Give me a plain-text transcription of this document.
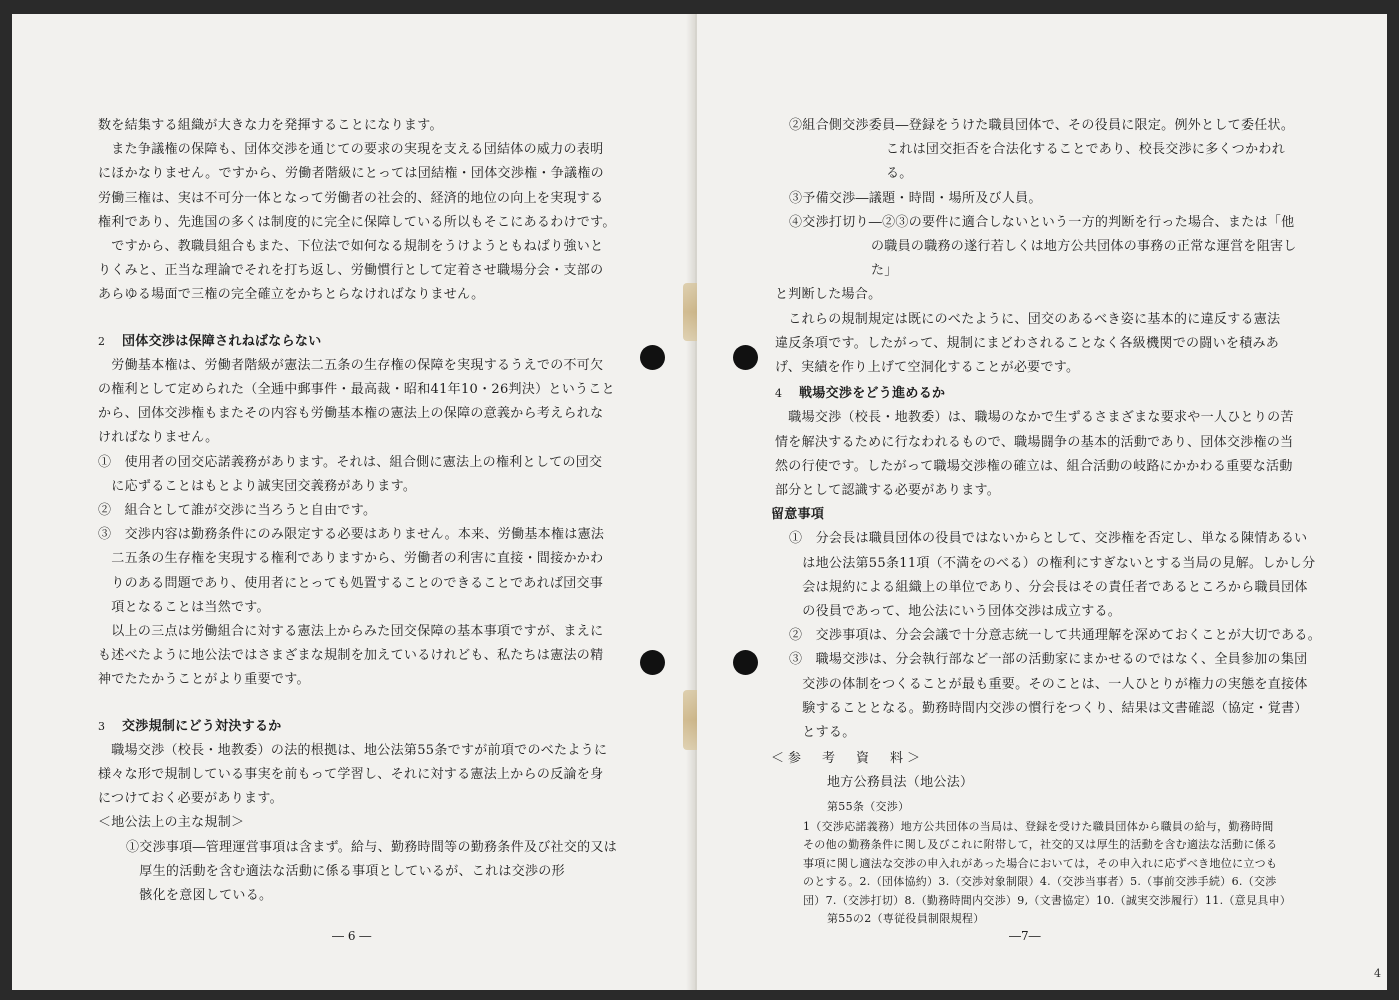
数を結集する組織が大きな力を発揮することになります。
　また争議権の保障も、団体交渉を通じての要求の実現を支える団結体の威力の表明
にほかなりません。ですから、労働者階級にとっては団結権・団体交渉権・争議権の
労働三権は、実は不可分一体となって労働者の社会的、経済的地位の向上を実現する
権利であり、先進国の多くは制度的に完全に保障している所以もそこにあるわけです。
　ですから、教職員組合もまた、下位法で如何なる規制をうけようともねばり強いと
りくみと、正当な理論でそれを打ち返し、労働慣行として定着させ職場分会・支部の
あらゆる場面で三権の完全確立をかちとらなければなりません。
2 団体交渉は保障されねばならない
　労働基本権は、労働者階級が憲法二五条の生存権の保障を実現するうえでの不可欠
の権利として定められた（全逓中郵事件・最高裁・昭和41年10・26判決）ということ
から、団体交渉権もまたその内容も労働基本権の憲法上の保障の意義から考えられな
ければなりません。
①　使用者の団交応諾義務があります。それは、組合側に憲法上の権利としての団交
　に応ずることはもとより誠実団交義務があります。
②　組合として誰が交渉に当ろうと自由です。
③　交渉内容は勤務条件にのみ限定する必要はありません。本来、労働基本権は憲法
　二五条の生存権を実現する権利でありますから、労働者の利害に直接・間接かかわ
　りのある問題であり、使用者にとっても処置することのできることであれば団交事
　項となることは当然です。
　以上の三点は労働組合に対する憲法上からみた団交保障の基本事項ですが、まえに
も述べたように地公法ではさまざまな規制を加えているけれども、私たちは憲法の精
神でたたかうことがより重要です。
3 交渉規制にどう対決するか
　職場交渉（校長・地教委）の法的根拠は、地公法第55条ですが前項でのべたように
様々な形で規制している事実を前もって学習し、それに対する憲法上からの反論を身
につけておく必要があります。
＜地公法上の主な規制＞
①交渉事項―管理運営事項は含まず。給与、勤務時間等の勤務条件及び社交的又は
　厚生的活動を含む適法な活動に係る事項としているが、これは交渉の形
　骸化を意図している。
― 6 ―
②組合側交渉委員―登録をうけた職員団体で、その役員に限定。例外として委任状。
これは団交拒否を合法化することであり、校長交渉に多くつかわれ
る。
③予備交渉―議題・時間・場所及び人員。
④交渉打切り―②③の要件に適合しないという一方的判断を行った場合、または「他
の職員の職務の遂行若しくは地方公共団体の事務の正常な運営を阻害し
た」
と判断した場合。
　これらの規制規定は既にのべたように、団交のあるべき姿に基本的に違反する憲法
違反条項です。したがって、規制にまどわされることなく各級機関での闘いを積みあ
げ、実績を作り上げて空洞化することが必要です。
4 戦場交渉をどう進めるか
　職場交渉（校長・地教委）は、職場のなかで生ずるさまざまな要求や一人ひとりの苦
情を解決するために行なわれるもので、職場闘争の基本的活動であり、団体交渉権の当
然の行使です。したがって職場交渉権の確立は、組合活動の岐路にかかわる重要な活動
部分として認識する必要があります。
留意事項
①　分会長は職員団体の役員ではないからとして、交渉権を否定し、単なる陳情あるい
　は地公法第55条11項（不満をのべる）の権利にすぎないとする当局の見解。しかし分
　会は規約による組織上の単位であり、分会長はその責任者であるところから職員団体
　の役員であって、地公法にいう団体交渉は成立する。
②　交渉事項は、分会会議で十分意志統一して共通理解を深めておくことが大切である。
③　職場交渉は、分会執行部など一部の活動家にまかせるのではなく、全員参加の集団
　交渉の体制をつくることが最も重要。そのことは、一人ひとりが権力の実態を直接体
　験することとなる。勤務時間内交渉の慣行をつくり、結果は文書確認（協定・覚書）
　とする。
＜参　考　資　料＞
地方公務員法（地公法）
第55条（交渉）
1（交渉応諾義務）地方公共団体の当局は、登録を受けた職員団体から職員の給与，勤務時間
その他の勤務条件に関し及びこれに附帯して，社交的又は厚生的活動を含む適法な活動に係る
事項に関し適法な交渉の申入れがあった場合においては，その申入れに応ずべき地位に立つも
のとする。2.（団体協約）3.（交渉対象制限）4.（交渉当事者）5.（事前交渉手続）6.（交渉
団）7.（交渉打切）8.（勤務時間内交渉）9,（文書協定）10.（誠実交渉履行）11.（意見具申）
第55の2（専従役員制限規程）
―7―
4
